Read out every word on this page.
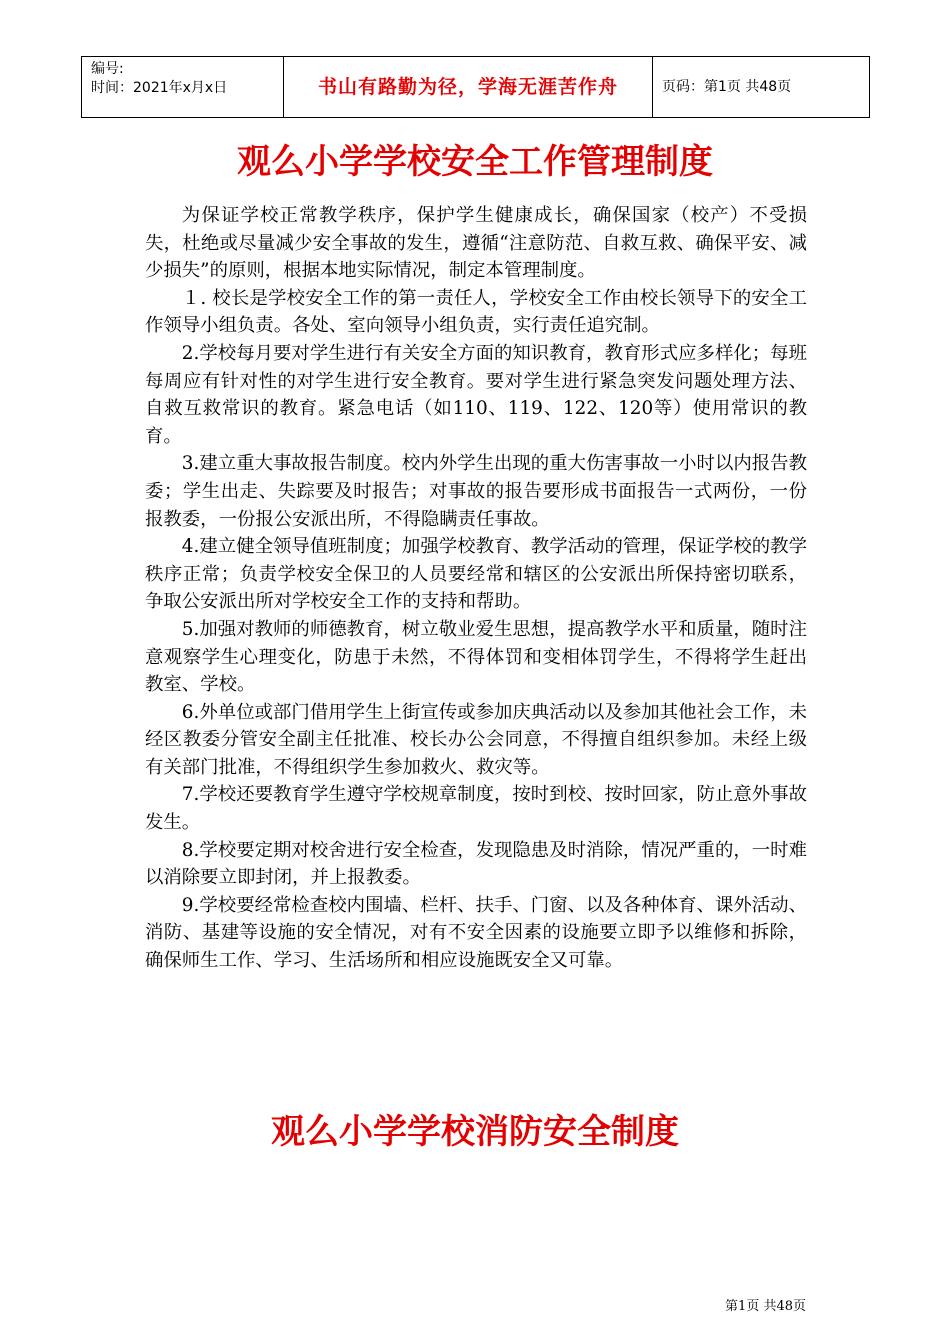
编号:
时间：2021年x月x日	书山有路勤为径，学海无涯苦作舟	页码：第1页 共48页
观么小学学校安全工作管理制度

为保证学校正常教学秩序，保护学生健康成长，确保国家（校产）不受损失，杜绝或尽量减少安全事故的发生，遵循“注意防范、自救互救、确保平安、减少损失”的原则，根据本地实际情况，制定本管理制度。

１. 校长是学校安全工作的第一责任人，学校安全工作由校长领导下的安全工作领导小组负责。各处、室向领导小组负责，实行责任追究制。

2.学校每月要对学生进行有关安全方面的知识教育，教育形式应多样化；每班每周应有针对性的对学生进行安全教育。要对学生进行紧急突发问题处理方法、自救互救常识的教育。紧急电话（如110、119、122、120等）使用常识的教育。

3.建立重大事故报告制度。校内外学生出现的重大伤害事故一小时以内报告教委；学生出走、失踪要及时报告；对事故的报告要形成书面报告一式两份，一份报教委，一份报公安派出所，不得隐瞒责任事故。

4.建立健全领导值班制度；加强学校教育、教学活动的管理，保证学校的教学秩序正常；负责学校安全保卫的人员要经常和辖区的公安派出所保持密切联系，争取公安派出所对学校安全工作的支持和帮助。

5.加强对教师的师德教育，树立敬业爱生思想，提高教学水平和质量，随时注意观察学生心理变化，防患于未然，不得体罚和变相体罚学生，不得将学生赶出教室、学校。

6.外单位或部门借用学生上街宣传或参加庆典活动以及参加其他社会工作，未经区教委分管安全副主任批准、校长办公会同意，不得擅自组织参加。未经上级有关部门批准，不得组织学生参加救火、救灾等。

7.学校还要教育学生遵守学校规章制度，按时到校、按时回家，防止意外事故发生。

8.学校要定期对校舍进行安全检查，发现隐患及时消除，情况严重的，一时难以消除要立即封闭，并上报教委。

9.学校要经常检查校内围墙、栏杆、扶手、门窗、以及各种体育、课外活动、消防、基建等设施的安全情况，对有不安全因素的设施要立即予以维修和拆除，确保师生工作、学习、生活场所和相应设施既安全又可靠。

观么小学学校消防安全制度
第1页 共48页
